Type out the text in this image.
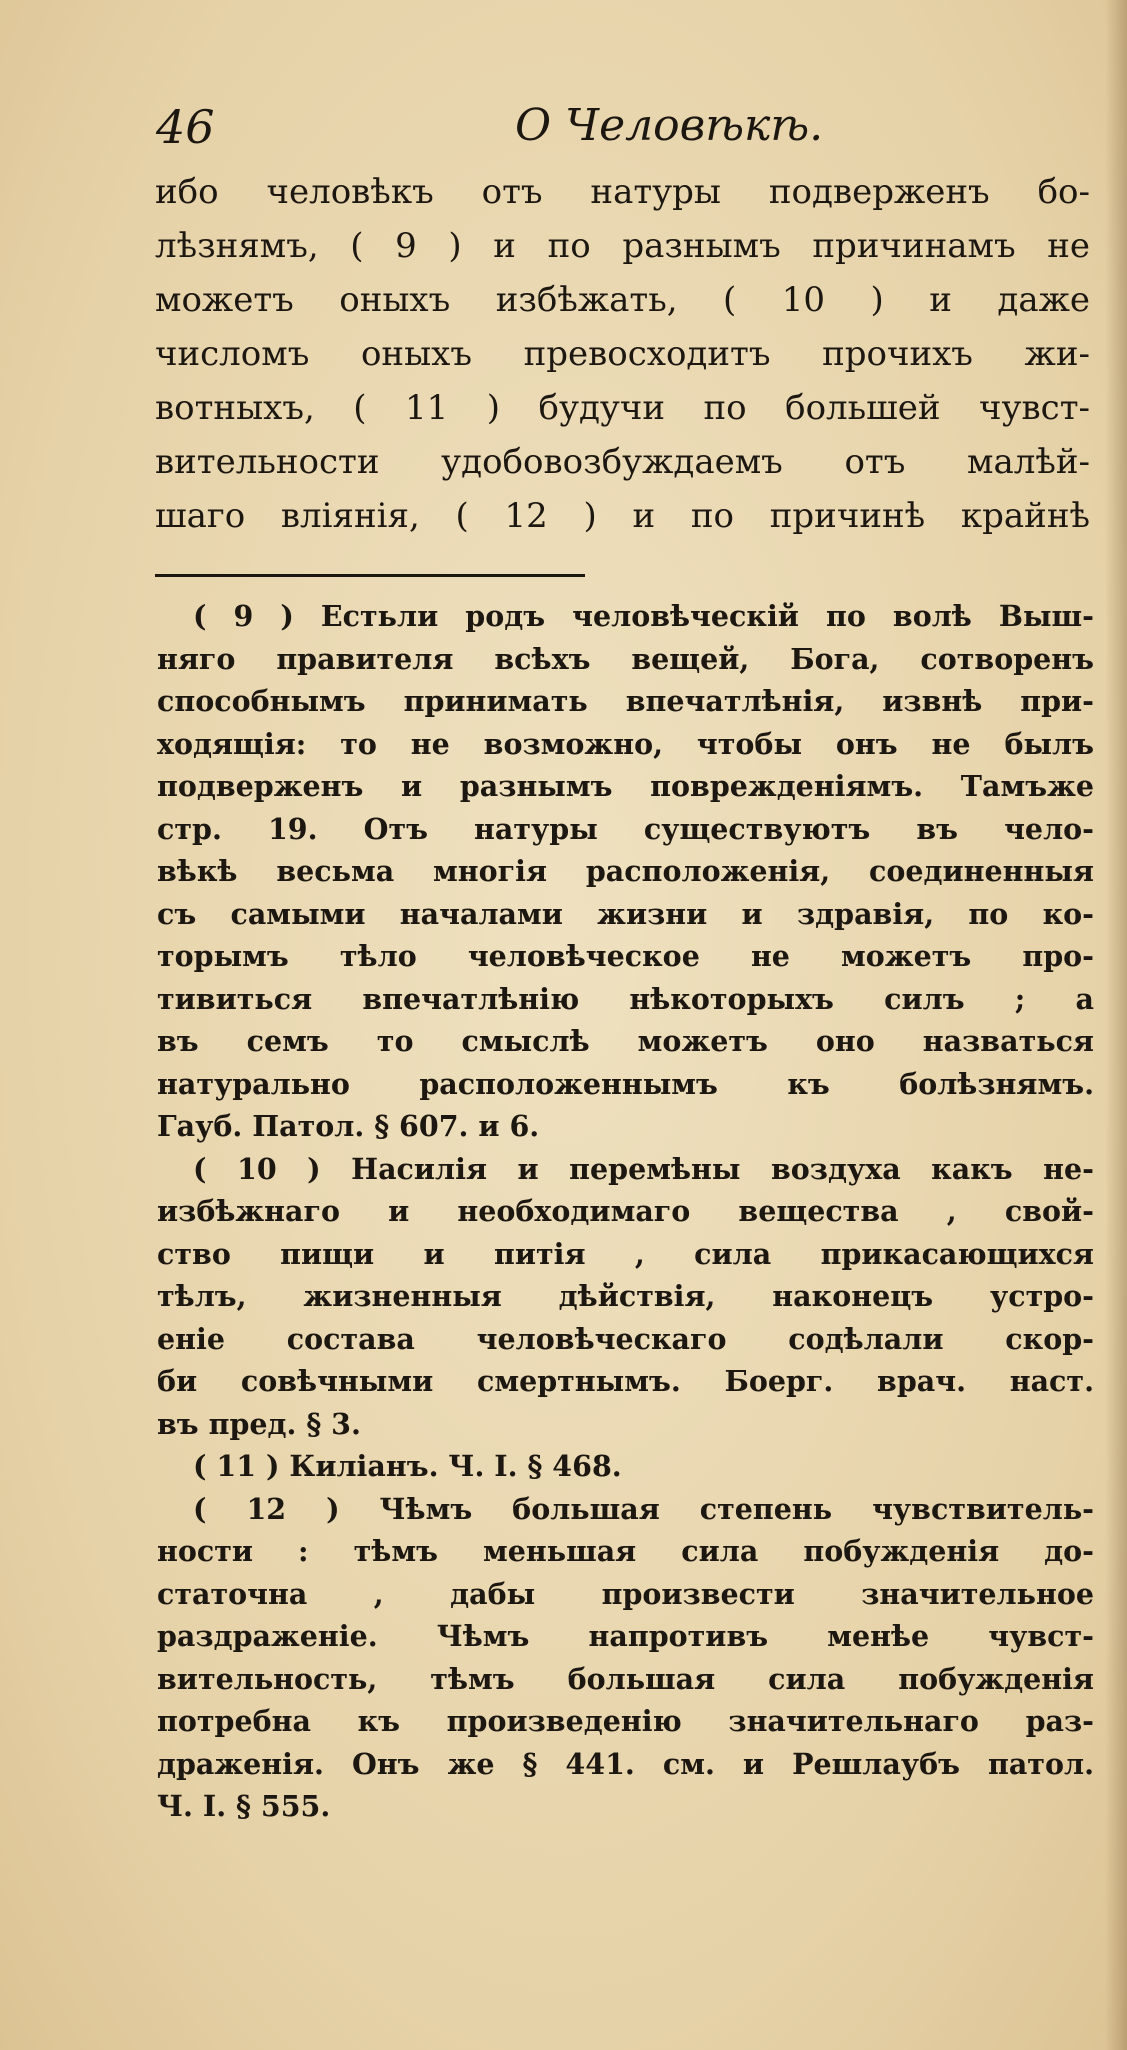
46	О Человѣкѣ.
ибо человѣкъ отъ натуры подверженъ бо-
лѣзнямъ, ( 9 ) и по разнымъ причинамъ не
можетъ оныхъ избѣжать, ( 10 ) и даже
числомъ оныхъ превосходитъ прочихъ жи-
вотныхъ, ( 11 ) будучи по большей чувст-
вительности удобовозбуждаемъ отъ малѣй-
шаго вліянія, ( 12 ) и по причинѣ крайнѣ
( 9 ) Естьли родъ человѣческій по волѣ Выш-
няго правителя всѣхъ вещей, Бога, сотворенъ
способнымъ принимать впечатлѣнія, извнѣ при-
ходящія: то не возможно, чтобы онъ не былъ
подверженъ и разнымъ поврежденіямъ. Тамъже
стр. 19. Отъ натуры существуютъ въ чело-
вѣкѣ весьма многія расположенія, соединенныя
съ самыми началами жизни и здравія, по ко-
торымъ тѣло человѣческое не можетъ про-
тивиться впечатлѣнію нѣкоторыхъ силъ ; а
въ семъ то смыслѣ можетъ оно назваться
натурально расположеннымъ къ болѣзнямъ.
Гауб. Патол. § 607. и 6.
( 10 ) Насилія и перемѣны воздуха какъ не-
избѣжнаго и необходимаго вещества , свой-
ство пищи и питія , сила прикасающихся
тѣлъ, жизненныя дѣйствія, наконецъ устро-
еніе состава человѣческаго содѣлали скор-
би совѣчными смертнымъ. Боерг. врач. наст.
въ пред. § 3.
( 11 ) Киліанъ. Ч. I. § 468.
( 12 ) Чѣмъ большая степень чувствитель-
ности : тѣмъ меньшая сила побужденія до-
статочна , дабы произвести значительное
раздраженіе. Чѣмъ напротивъ менѣе чувст-
вительность, тѣмъ большая сила побужденія
потребна къ произведенію значительнаго раз-
драженія. Онъ же § 441. см. и Решлаубъ патол.
Ч. I. § 555.
